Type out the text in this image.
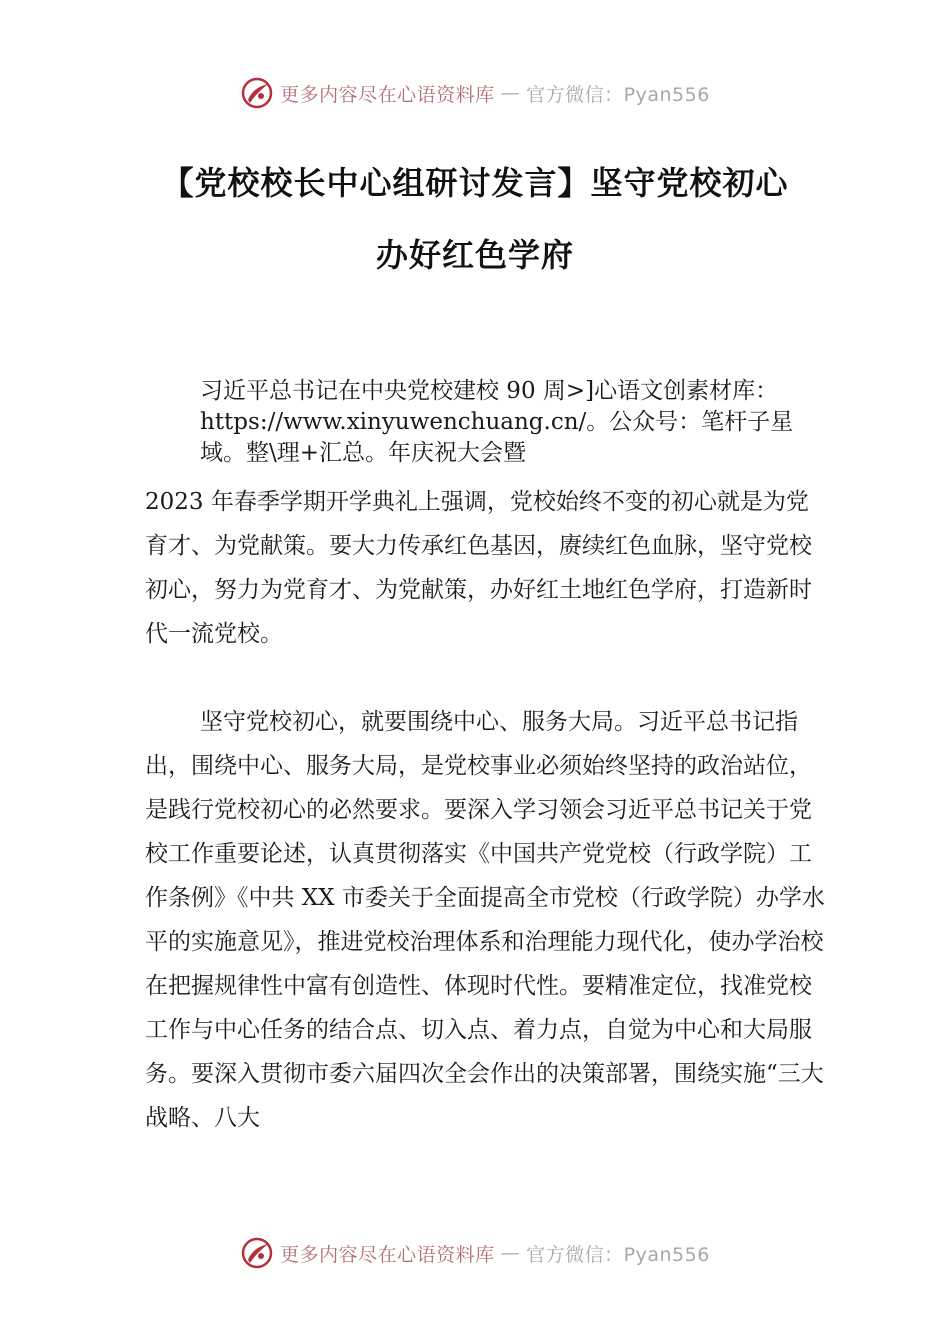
更多内容尽在心语资料库 — 官方微信：Pyan556
【党校校长中心组研讨发言】坚守党校初心
办好红色学府

习近平总书记在中央党校建校 90 周>]心语文创素材库：https://www.xinyuwenchuang.cn/。公众号：笔杆子星域。整\理+汇总。年庆祝大会暨

2023 年春季学期开学典礼上强调，党校始终不变的初心就是为党育才、为党献策。要大力传承红色基因，赓续红色血脉，坚守党校初心，努力为党育才、为党献策，办好红土地红色学府，打造新时代一流党校。

坚守党校初心，就要围绕中心、服务大局。习近平总书记指出，围绕中心、服务大局，是党校事业必须始终坚持的政治站位，是践行党校初心的必然要求。要深入学习领会习近平总书记关于党校工作重要论述，认真贯彻落实《中国共产党党校（行政学院）工作条例》《中共 XX 市委关于全面提高全市党校（行政学院）办学水平的实施意见》，推进党校治理体系和治理能力现代化，使办学治校在把握规律性中富有创造性、体现时代性。要精准定位，找准党校工作与中心任务的结合点、切入点、着力点，自觉为中心和大局服务。要深入贯彻市委六届四次全会作出的决策部署，围绕实施“三大战略、八大

更多内容尽在心语资料库 — 官方微信：Pyan556
